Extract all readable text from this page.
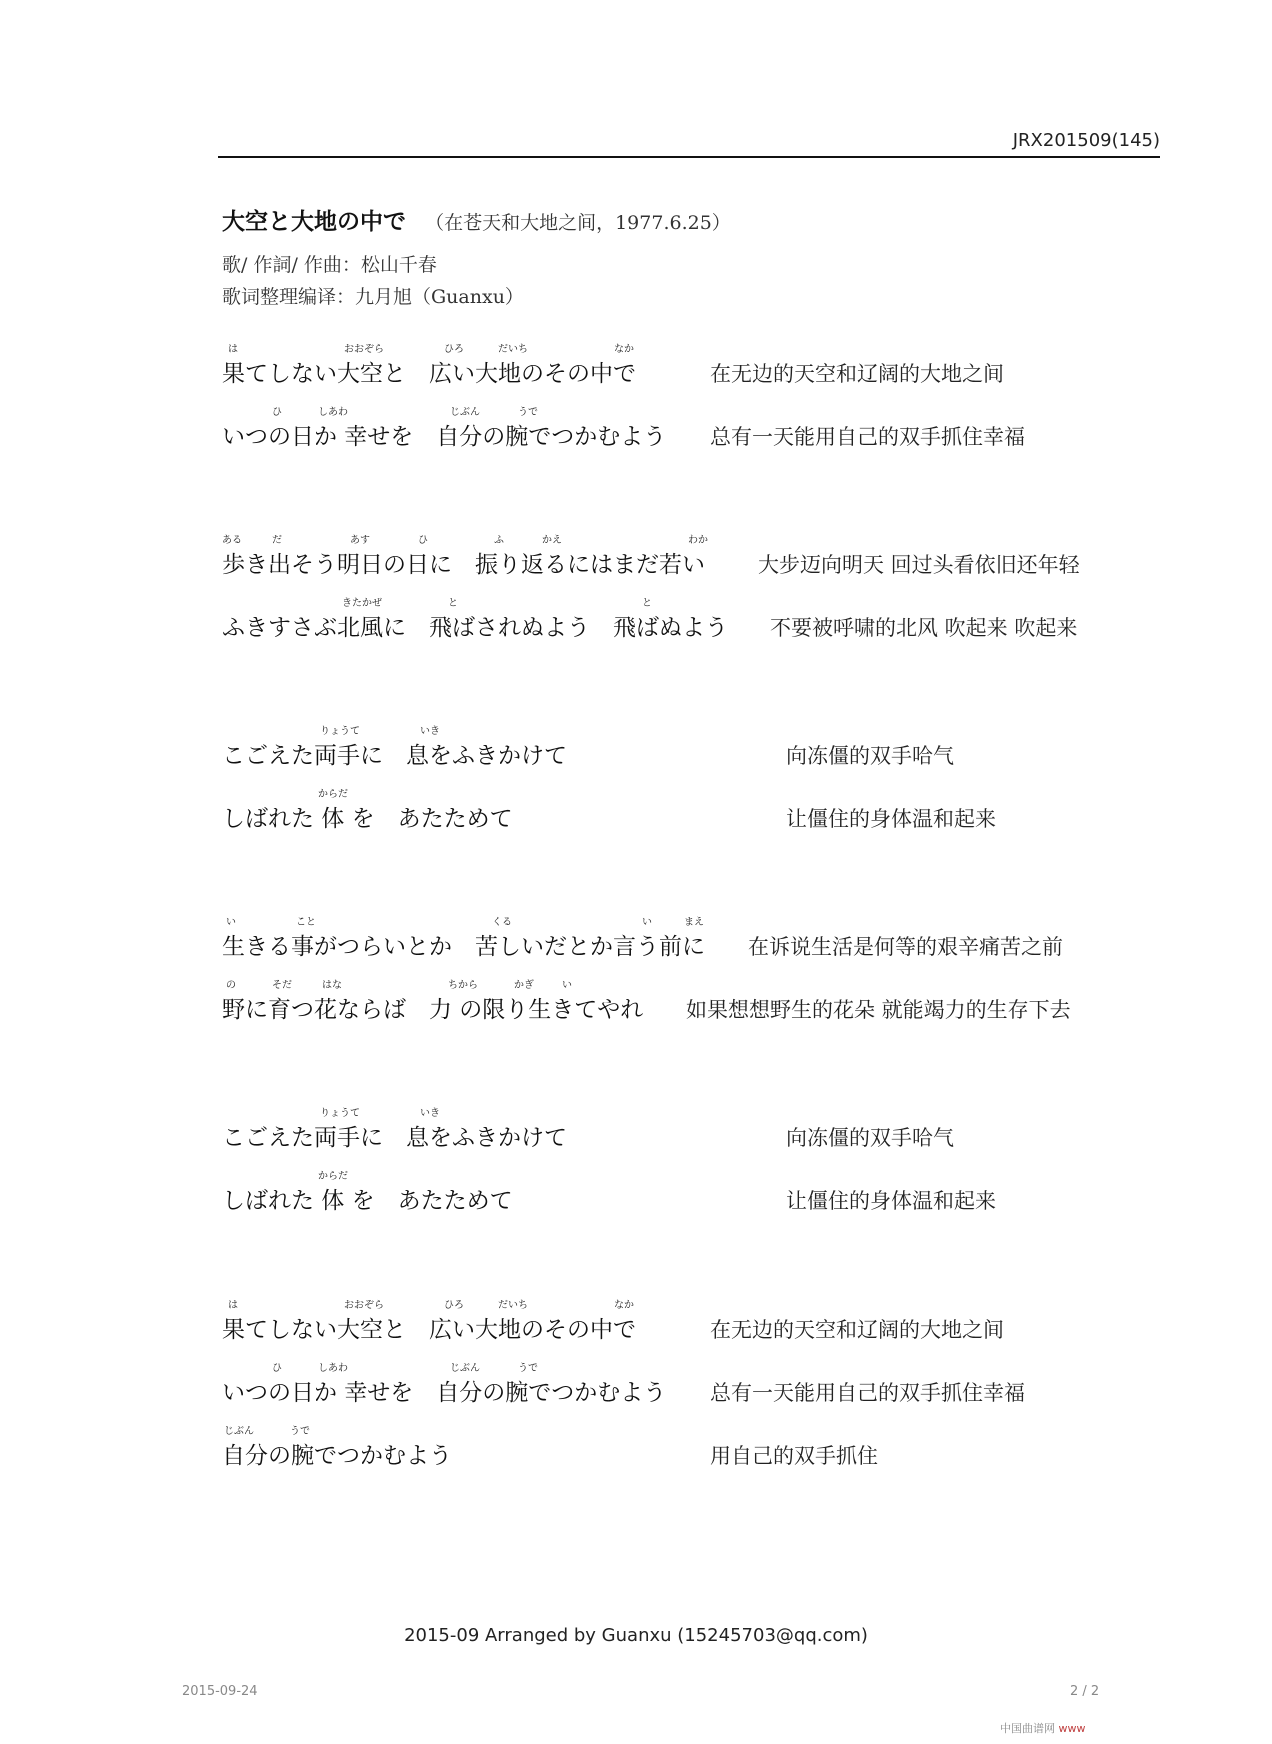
JRX201509(145)
大空と大地の中で （在苍天和大地之间，1977.6.25）
歌/ 作詞/ 作曲：松山千春
歌词整理编译：九月旭（Guanxu）
は	おおぞら	ひろ	だいち	なか
果てしない大空と　広い大地のその中で	在无边的天空和辽阔的大地之间
ひ	しあわ	じぶん	うで
いつの日か 幸せを　自分の腕でつかむよう 总有一天能用自己的双手抓住幸福
ある	だ	あす	ひ	ふ	かえ	わか
歩き出そう明日の日に　振り返るにはまだ若い	大步迈向明天 回过头看依旧还年轻
きたかぜ	と	と
ふきすさぶ北風に　飛ばされぬよう　飛ばぬよう 不要被呼啸的北风 吹起来 吹起来
りょうて	いき
こごえた両手に　息をふきかけて	向冻僵的双手哈气
からだ
しばれた 体 を　あたためて	让僵住的身体温和起来
い	こと	くる	い	まえ
生きる事がつらいとか　苦しいだとか言う前に 在诉说生活是何等的艰辛痛苦之前
の	そだ	はな	ちから	かぎ	い
野に育つ花ならば　力 の限り生きてやれ 如果想想野生的花朵 就能竭力的生存下去
りょうて	いき
こごえた両手に　息をふきかけて	向冻僵的双手哈气
からだ
しばれた 体 を　あたためて	让僵住的身体温和起来
は	おおぞら	ひろ	だいち	なか
果てしない大空と　広い大地のその中で	在无边的天空和辽阔的大地之间
ひ	しあわ	じぶん	うで
いつの日か 幸せを　自分の腕でつかむよう 总有一天能用自己的双手抓住幸福
じぶん	うで
自分の腕でつかむよう	用自己的双手抓住
2015-09 Arranged by Guanxu (15245703@qq.com)
2015-09-24	2 / 2
中国曲谱网 www
